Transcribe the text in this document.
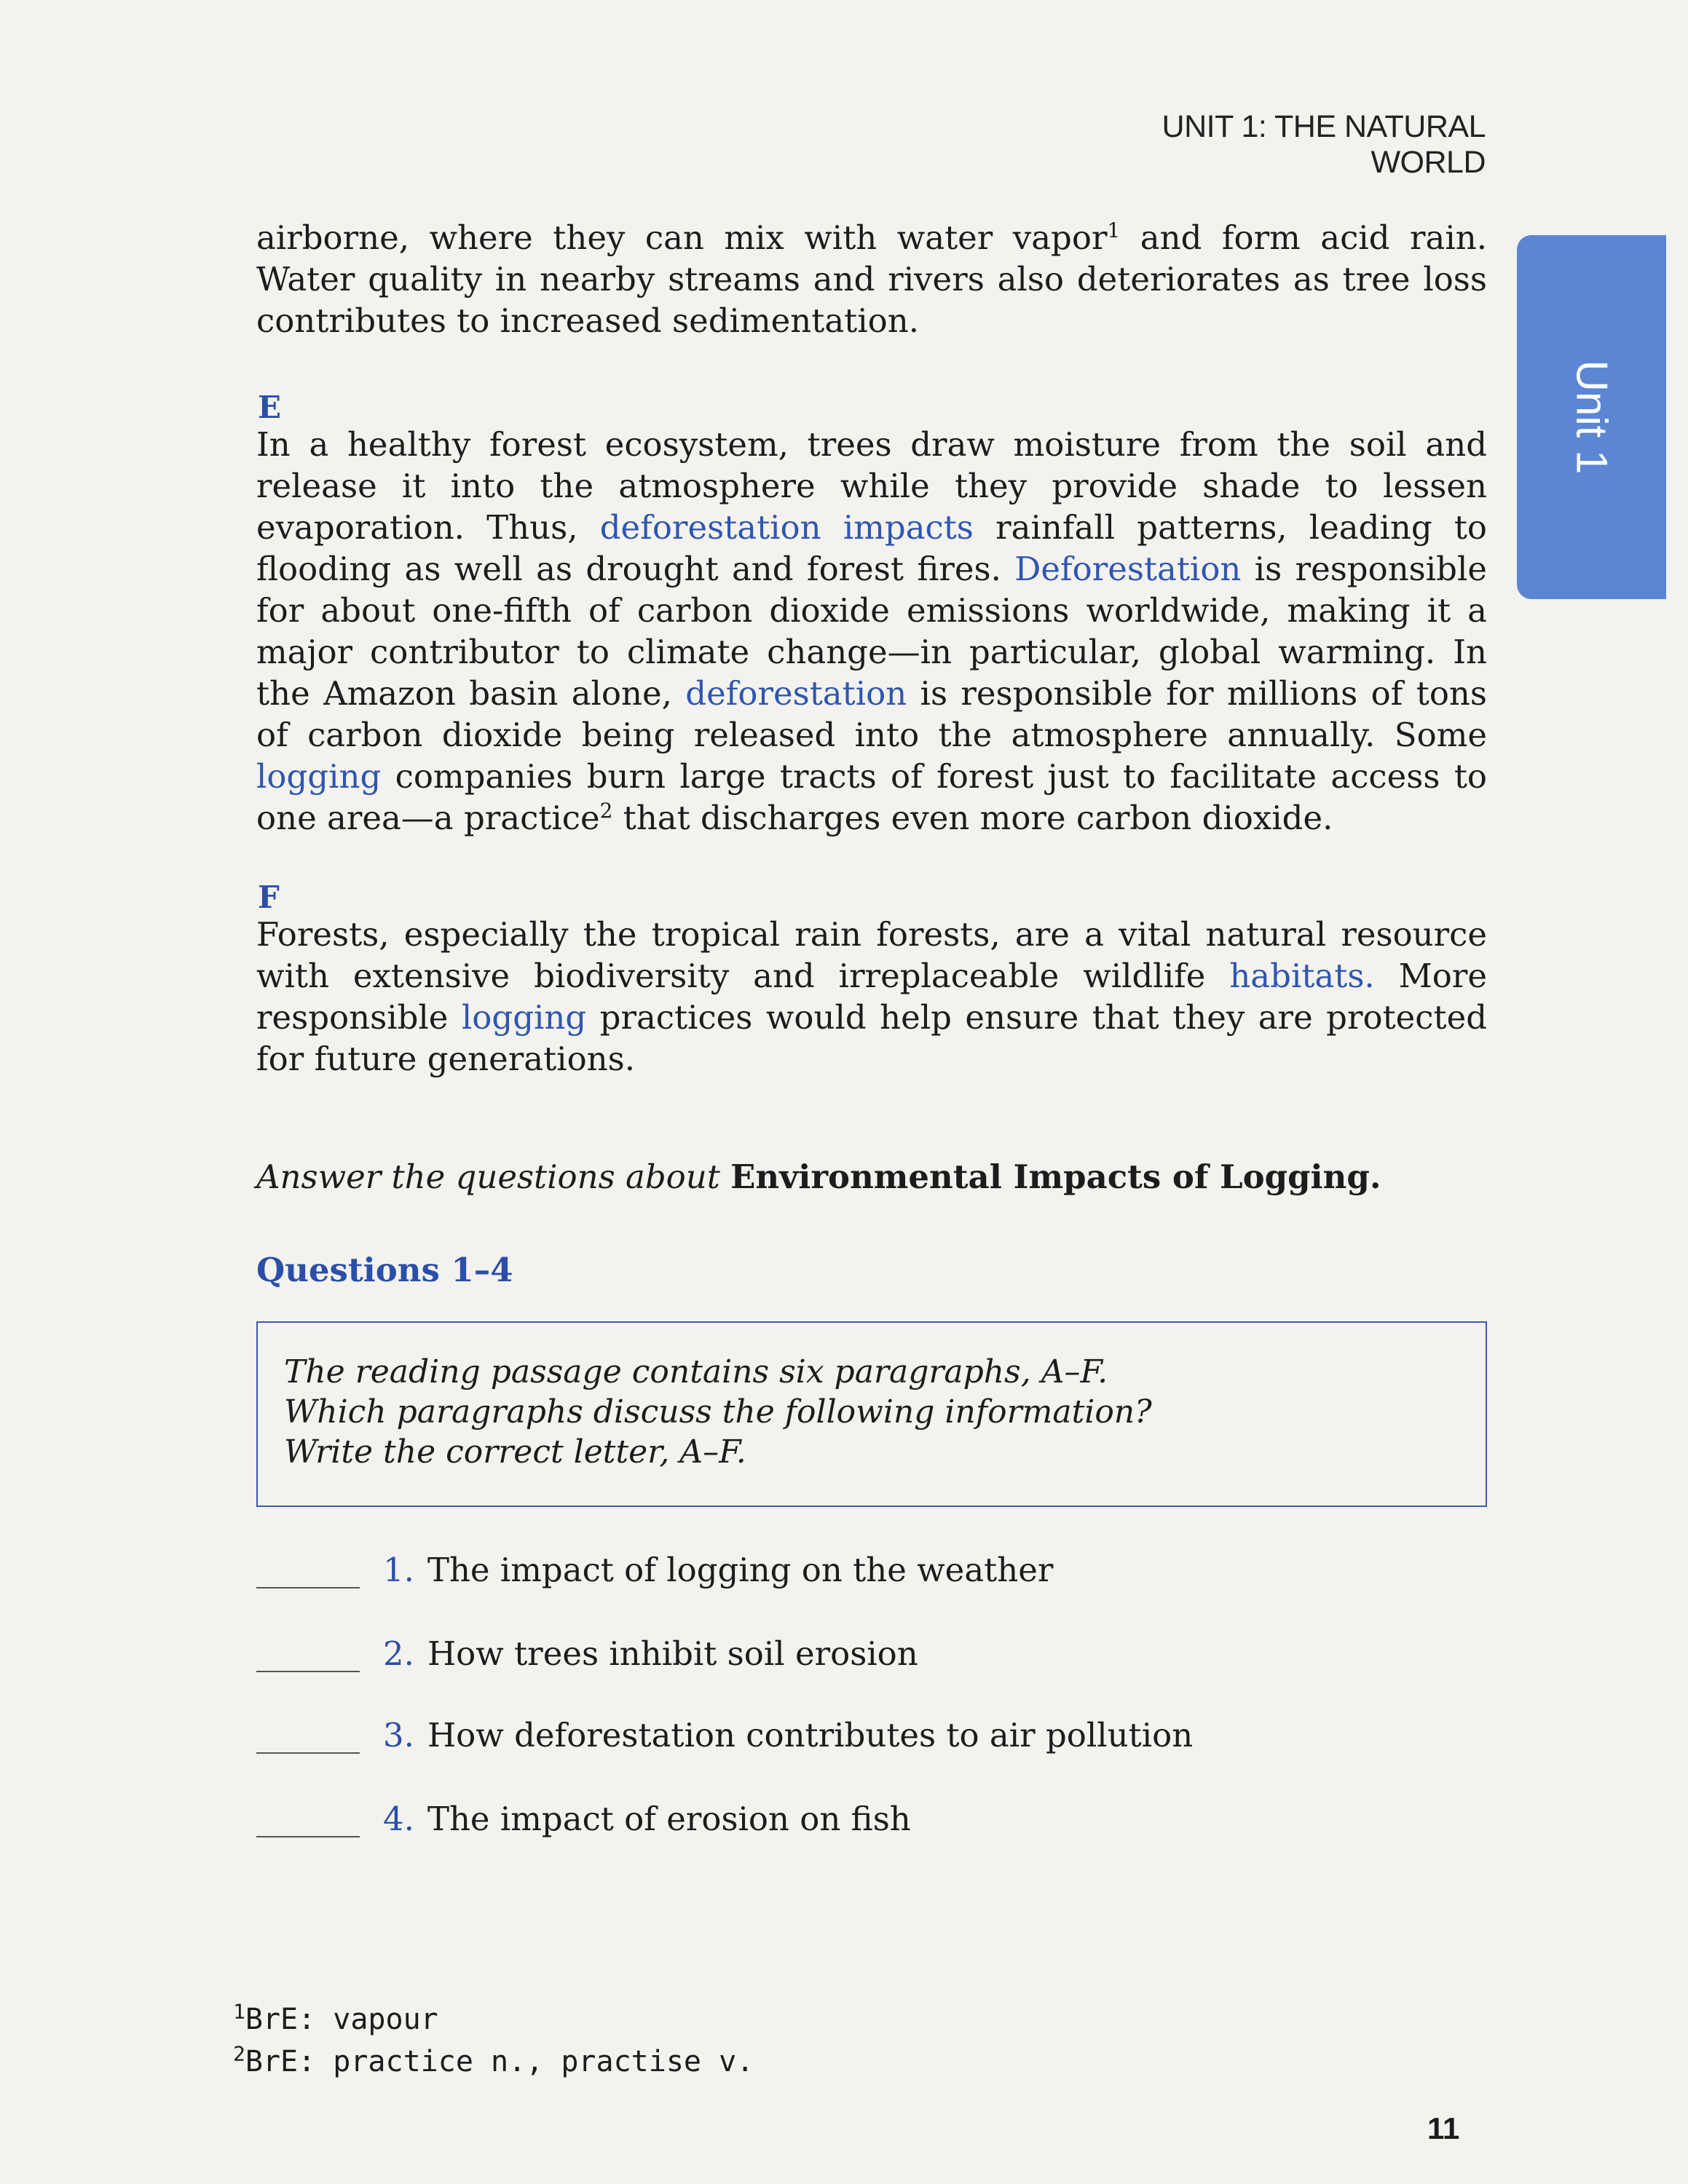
UNIT 1: THE NATURAL WORLD
Unit 1
airborne, where they can mix with water vapor$^1$ and form acid rain. Water quality in nearby streams and rivers also deteriorates as tree loss contributes to increased sedimentation.
E
In a healthy forest ecosystem, trees draw moisture from the soil and release it into the atmosphere while they provide shade to lessen evaporation. Thus, deforestation impacts rainfall patterns, leading to flooding as well as drought and forest fires. Deforestation is responsible for about one-fifth of carbon dioxide emissions worldwide, making it a major contributor to climate change—in particular, global warming. In the Amazon basin alone, deforestation is responsible for millions of tons of carbon dioxide being released into the atmosphere annually. Some logging companies burn large tracts of forest just to facilitate access to one area—a practice$^2$ that discharges even more carbon dioxide.
F
Forests, especially the tropical rain forests, are a vital natural resource with extensive biodiversity and irreplaceable wildlife habitats. More responsible logging practices would help ensure that they are protected for future generations.
Answer the questions about Environmental Impacts of Logging.
Questions 1–4
The reading passage contains six paragraphs, A–F.
Which paragraphs discuss the following information?
Write the correct letter, A–F.
1. The impact of logging on the weather
2. How trees inhibit soil erosion
3. How deforestation contributes to air pollution
4. The impact of erosion on fish
$^1$BrE: vapour
$^2$BrE: practice n., practise v.
11
